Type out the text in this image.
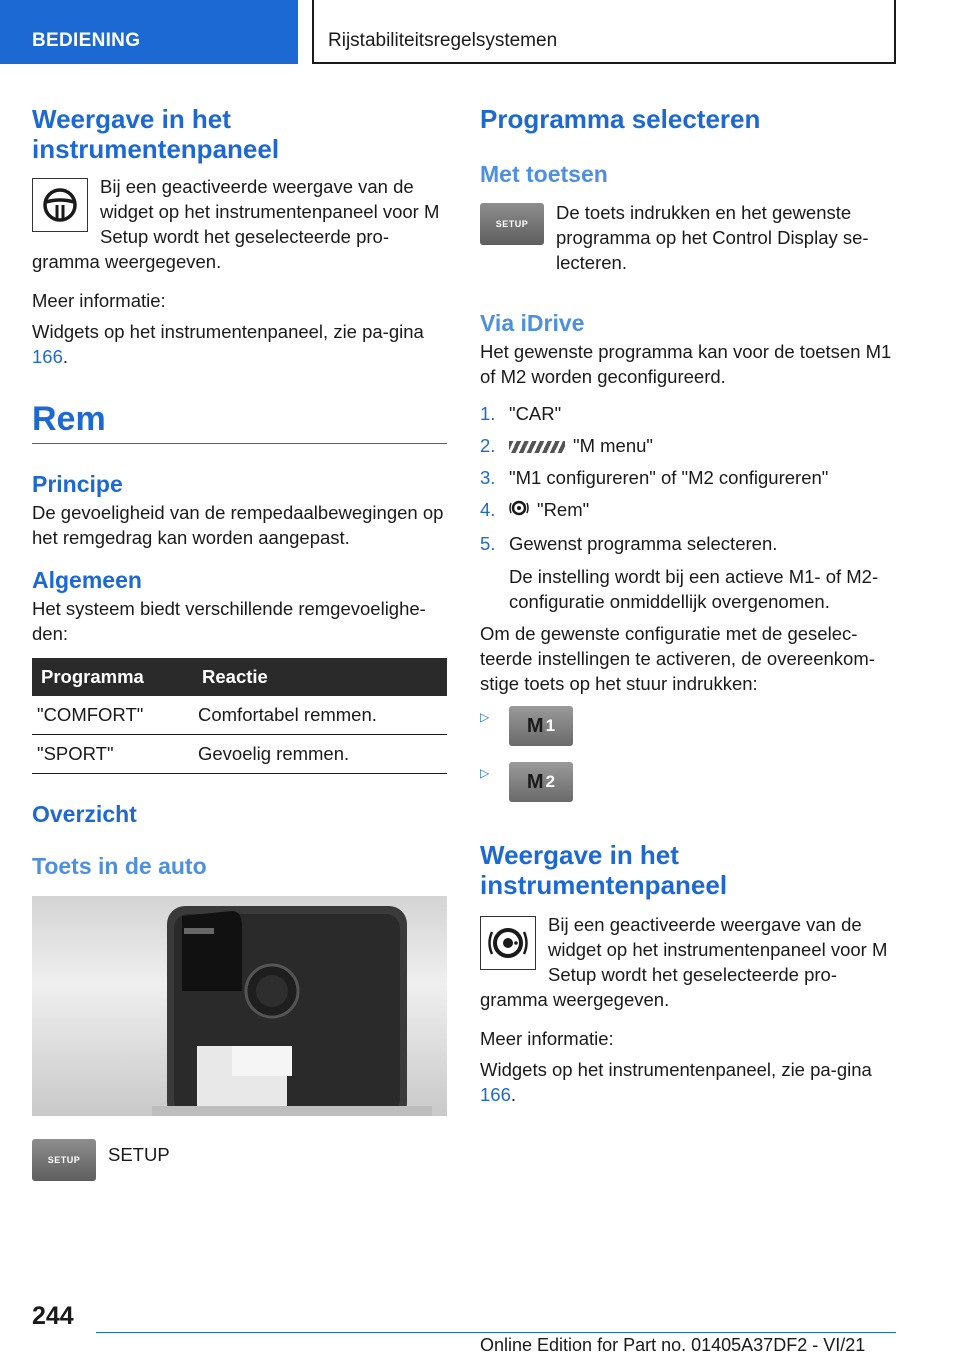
BEDIENING	Rijstabiliteitsregelsystemen
Weergave in het instrumentenpaneel

Bij een geactiveerde weergave van de widget op het instrumentenpaneel voor M Setup wordt het geselecteerde pro-gramma weergegeven.

Meer informatie:

Widgets op het instrumentenpaneel, zie pa-gina 166.

Rem
Principe

De gevoeligheid van de rempedaalbewegingen op het remgedrag kan worden aangepast.

Algemeen

Het systeem biedt verschillende remgevoelighe-den:

Programma	Reactie
"COMFORT"	Comfortabel remmen.
"SPORT"	Gevoelig remmen.
Overzicht
Toets in de auto
SETUP	SETUP

Programma selecteren
Met toetsen
SETUP

De toets indrukken en het gewenste programma op het Control Display se-lecteren.

Via iDrive

Het gewenste programma kan voor de toetsen M1 of M2 worden geconfigureerd.

1. "CAR"
2.	"M menu"
3. "M1 configureren" of "M2 configureren"
4. "Rem"
5. Gewenst programma selecteren.
De instelling wordt bij een actieve M1- of M2-configuratie onmiddellijk overgenomen.

Om de gewenste configuratie met de geselec-teerde instellingen te activeren, de overeenkom-stige toets op het stuur indrukken:

▷ M 1
▷ M 2
Weergave in het instrumentenpaneel

Bij een geactiveerde weergave van de widget op het instrumentenpaneel voor M Setup wordt het geselecteerde pro-gramma weergegeven.

Meer informatie:

Widgets op het instrumentenpaneel, zie pa-gina 166.

244
Online Edition for Part no. 01405A37DF2 - VI/21
